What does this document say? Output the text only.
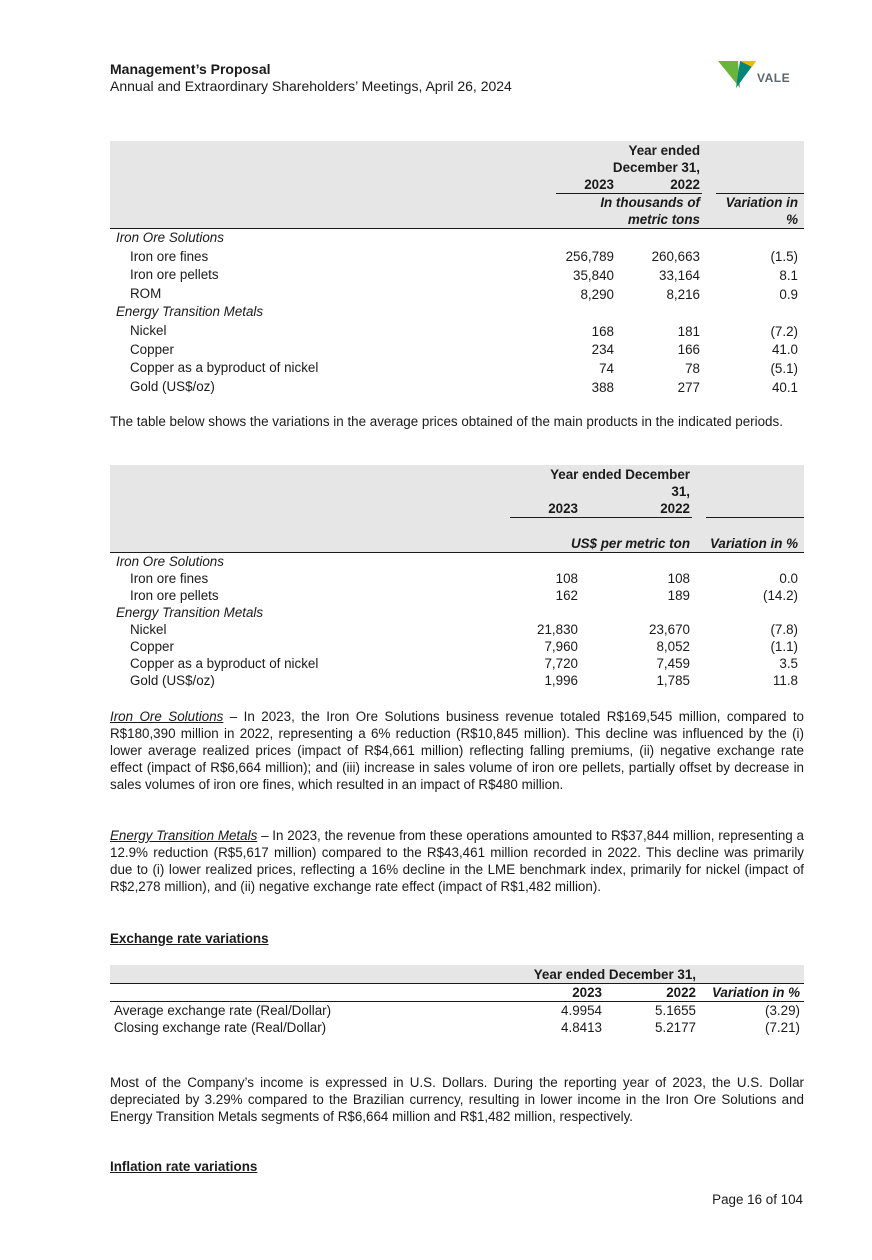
Management’s Proposal
Annual and Extraordinary Shareholders’ Meetings, April 26, 2024	VALE
	Year ended December 31,			
	2023	2022		
	In thousands of metric tons			Variation in %
Iron Ore Solutions				
Iron ore fines	256,789	260,663		(1.5)
Iron ore pellets	35,840	33,164		8.1
ROM	8,290	8,216		0.9
Energy Transition Metals				
Nickel	168	181		(7.2)
Copper	234	166		41.0
Copper as a byproduct of nickel	74	78		(5.1)
Gold (US$/oz)	388	277		40.1
The table below shows the variations in the average prices obtained of the main products in the indicated periods.
	Year ended December 31,			
	2023	2022		
	US$ per metric ton			Variation in %
Iron Ore Solutions				
Iron ore fines	108	108		0.0
Iron ore pellets	162	189		(14.2)
Energy Transition Metals				
Nickel	21,830	23,670		(7.8)
Copper	7,960	8,052		(1.1)
Copper as a byproduct of nickel	7,720	7,459		3.5
Gold (US$/oz)	1,996	1,785		11.8
Iron Ore Solutions – In 2023, the Iron Ore Solutions business revenue totaled R$169,545 million, compared to R$180,390 million in 2022, representing a 6% reduction (R$10,845 million). This decline was influenced by the (i) lower average realized prices (impact of R$4,661 million) reflecting falling premiums, (ii) negative exchange rate effect (impact of R$6,664 million); and (iii) increase in sales volume of iron ore pellets, partially offset by decrease in sales volumes of iron ore fines, which resulted in an impact of R$480 million.
Energy Transition Metals – In 2023, the revenue from these operations amounted to R$37,844 million, representing a 12.9% reduction (R$5,617 million) compared to the R$43,461 million recorded in 2022. This decline was primarily due to (i) lower realized prices, reflecting a 16% decline in the LME benchmark index, primarily for nickel (impact of R$2,278 million), and (ii) negative exchange rate effect (impact of R$1,482 million).
Exchange rate variations
	Year ended December 31,			
	2023	2022		Variation in %
Average exchange rate (Real/Dollar)	4.9954	5.1655		(3.29)
Closing exchange rate (Real/Dollar)	4.8413	5.2177		(7.21)
Most of the Company’s income is expressed in U.S. Dollars. During the reporting year of 2023, the U.S. Dollar depreciated by 3.29% compared to the Brazilian currency, resulting in lower income in the Iron Ore Solutions and Energy Transition Metals segments of R$6,664 million and R$1,482 million, respectively.
Inflation rate variations
Page 16 of 104
